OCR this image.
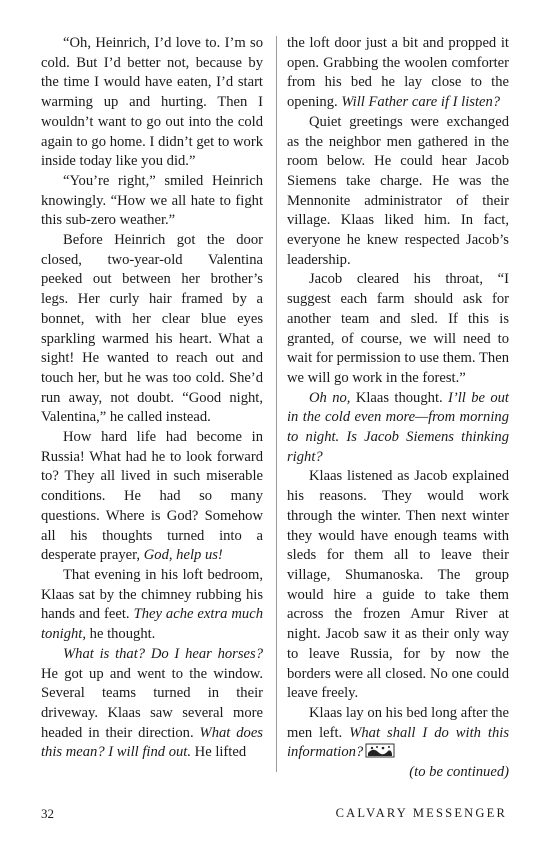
“Oh, Heinrich, I’d love to. I’m so cold. But I’d better not, because by the time I would have eaten, I’d start warming up and hurting. Then I wouldn’t want to go out into the cold again to go home. I didn’t get to work inside today like you did.”

“You’re right,” smiled Heinrich knowingly. “How we all hate to fight this sub-zero weather.”

Before Heinrich got the door closed, two-year-old Valentina peeked out between her brother’s legs. Her curly hair framed by a bonnet, with her clear blue eyes sparkling warmed his heart. What a sight! He wanted to reach out and touch her, but he was too cold. She’d run away, not doubt. “Good night, Valentina,” he called instead.

How hard life had become in Russia! What had he to look forward to? They all lived in such miserable conditions. He had so many questions. Where is God? Somehow all his thoughts turned into a desperate prayer, God, help us!

That evening in his loft bedroom, Klaas sat by the chimney rubbing his hands and feet. They ache extra much tonight, he thought.

What is that? Do I hear horses? He got up and went to the window. Several teams turned in their driveway. Klaas saw several more headed in their direction. What does this mean? I will find out. He lifted

the loft door just a bit and propped it open. Grabbing the woolen comforter from his bed he lay close to the opening. Will Father care if I listen?

Quiet greetings were exchanged as the neighbor men gathered in the room below. He could hear Jacob Siemens take charge. He was the Mennonite administrator of their village. Klaas liked him. In fact, everyone he knew respected Jacob’s leadership.

Jacob cleared his throat, “I suggest each farm should ask for another team and sled. If this is granted, of course, we will need to wait for permission to use them. Then we will go work in the forest.”

Oh no, Klaas thought. I’ll be out in the cold even more—from morning to night. Is Jacob Siemens thinking right?

Klaas listened as Jacob explained his reasons. They would work through the winter. Then next winter they would have enough teams with sleds for them all to leave their village, Shumanoska. The group would hire a guide to take them across the frozen Amur River at night. Jacob saw it as their only way to leave Russia, for by now the borders were all closed. No one could leave freely.

Klaas lay on his bed long after the men left. What shall I do with this information?

(to be continued)

32	CALVARY MESSENGER
